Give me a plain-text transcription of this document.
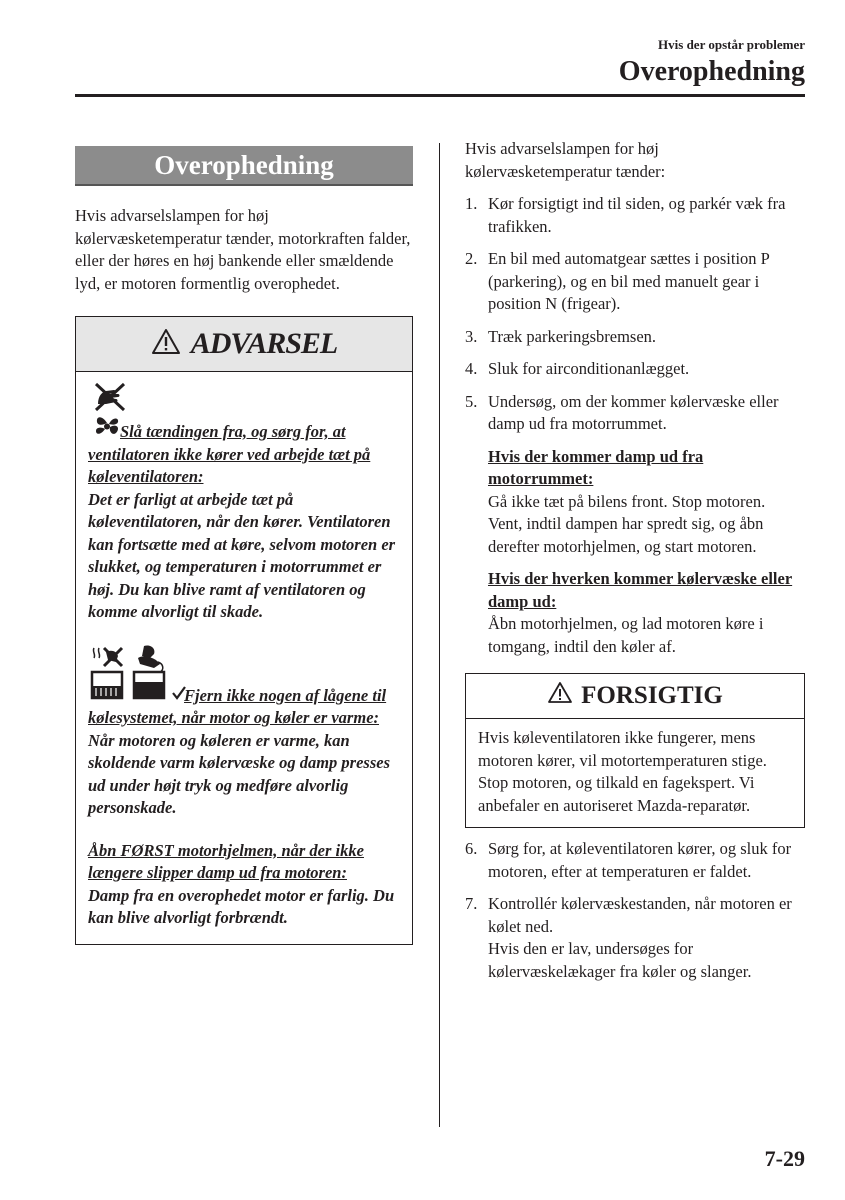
Hvis der opstår problemer
Overophedning
Overophedning
Hvis advarselslampen for høj kølervæsketemperatur tænder, motorkraften falder, eller der høres en høj bankende eller smældende lyd, er motoren formentlig overophedet.
ADVARSEL
Slå tændingen fra, og sørg for, at ventilatoren ikke kører ved arbejde tæt på køleventilatoren:
Det er farligt at arbejde tæt på køleventilatoren, når den kører. Ventilatoren kan fortsætte med at køre, selvom motoren er slukket, og temperaturen i motorrummet er høj. Du kan blive ramt af ventilatoren og komme alvorligt til skade.
Fjern ikke nogen af lågene til kølesystemet, når motor og køler er varme:
Når motoren og køleren er varme, kan skoldende varm kølervæske og damp presses ud under højt tryk og medføre alvorlig personskade.
Åbn FØRST motorhjelmen, når der ikke længere slipper damp ud fra motoren:
Damp fra en overophedet motor er farlig. Du kan blive alvorligt forbrændt.
Hvis advarselslampen for høj kølervæsketemperatur tænder:
1. Kør forsigtigt ind til siden, og parkér væk fra trafikken.
2. En bil med automatgear sættes i position P (parkering), og en bil med manuelt gear i position N (frigear).
3. Træk parkeringsbremsen.
4. Sluk for airconditionanlægget.
5. Undersøg, om der kommer kølervæske eller damp ud fra motorrummet.
Hvis der kommer damp ud fra motorrummet:
Gå ikke tæt på bilens front. Stop motoren.
Vent, indtil dampen har spredt sig, og åbn derefter motorhjelmen, og start motoren.
Hvis der hverken kommer kølervæske eller damp ud:
Åbn motorhjelmen, og lad motoren køre i tomgang, indtil den køler af.
FORSIGTIG
Hvis køleventilatoren ikke fungerer, mens motoren kører, vil motortemperaturen stige. Stop motoren, og tilkald en fagekspert. Vi anbefaler en autoriseret Mazda-reparatør.
6. Sørg for, at køleventilatoren kører, og sluk for motoren, efter at temperaturen er faldet.
7. Kontrollér kølervæskestanden, når motoren er kølet ned.
Hvis den er lav, undersøges for kølervæskelækager fra køler og slanger.
7-29
